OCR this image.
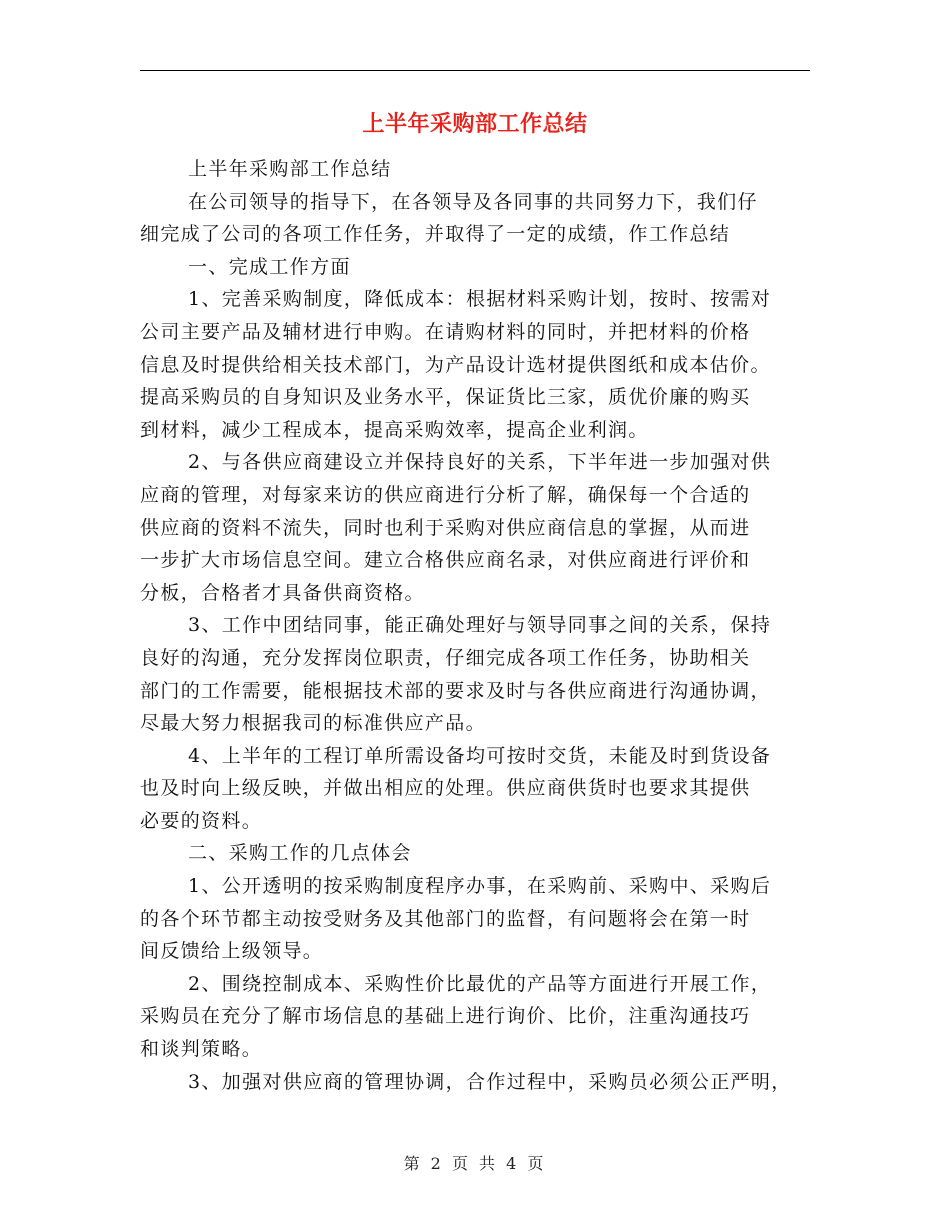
上半年采购部工作总结
上半年采购部工作总结
在公司领导的指导下，在各领导及各同事的共同努力下，我们仔
细完成了公司的各项工作任务，并取得了一定的成绩，作工作总结
一、完成工作方面
1、完善采购制度，降低成本：根据材料采购计划，按时、按需对
公司主要产品及辅材进行申购。在请购材料的同时，并把材料的价格
信息及时提供给相关技术部门，为产品设计选材提供图纸和成本估价。
提高采购员的自身知识及业务水平，保证货比三家，质优价廉的购买
到材料，减少工程成本，提高采购效率，提高企业利润。
2、与各供应商建设立并保持良好的关系，下半年进一步加强对供
应商的管理，对每家来访的供应商进行分析了解，确保每一个合适的
供应商的资料不流失，同时也利于采购对供应商信息的掌握，从而进
一步扩大市场信息空间。建立合格供应商名录，对供应商进行评价和
分板，合格者才具备供商资格。
3、工作中团结同事，能正确处理好与领导同事之间的关系，保持
良好的沟通，充分发挥岗位职责，仔细完成各项工作任务，协助相关
部门的工作需要，能根据技术部的要求及时与各供应商进行沟通协调，
尽最大努力根据我司的标准供应产品。
4、上半年的工程订单所需设备均可按时交货，未能及时到货设备
也及时向上级反映，并做出相应的处理。供应商供货时也要求其提供
必要的资料。
二、采购工作的几点体会
1、公开透明的按采购制度程序办事，在采购前、采购中、采购后
的各个环节都主动按受财务及其他部门的监督，有问题将会在第一时
间反馈给上级领导。
2、围绕控制成本、采购性价比最优的产品等方面进行开展工作，
采购员在充分了解市场信息的基础上进行询价、比价，注重沟通技巧
和谈判策略。
3、加强对供应商的管理协调，合作过程中，采购员必须公正严明，
第 2 页 共 4 页
